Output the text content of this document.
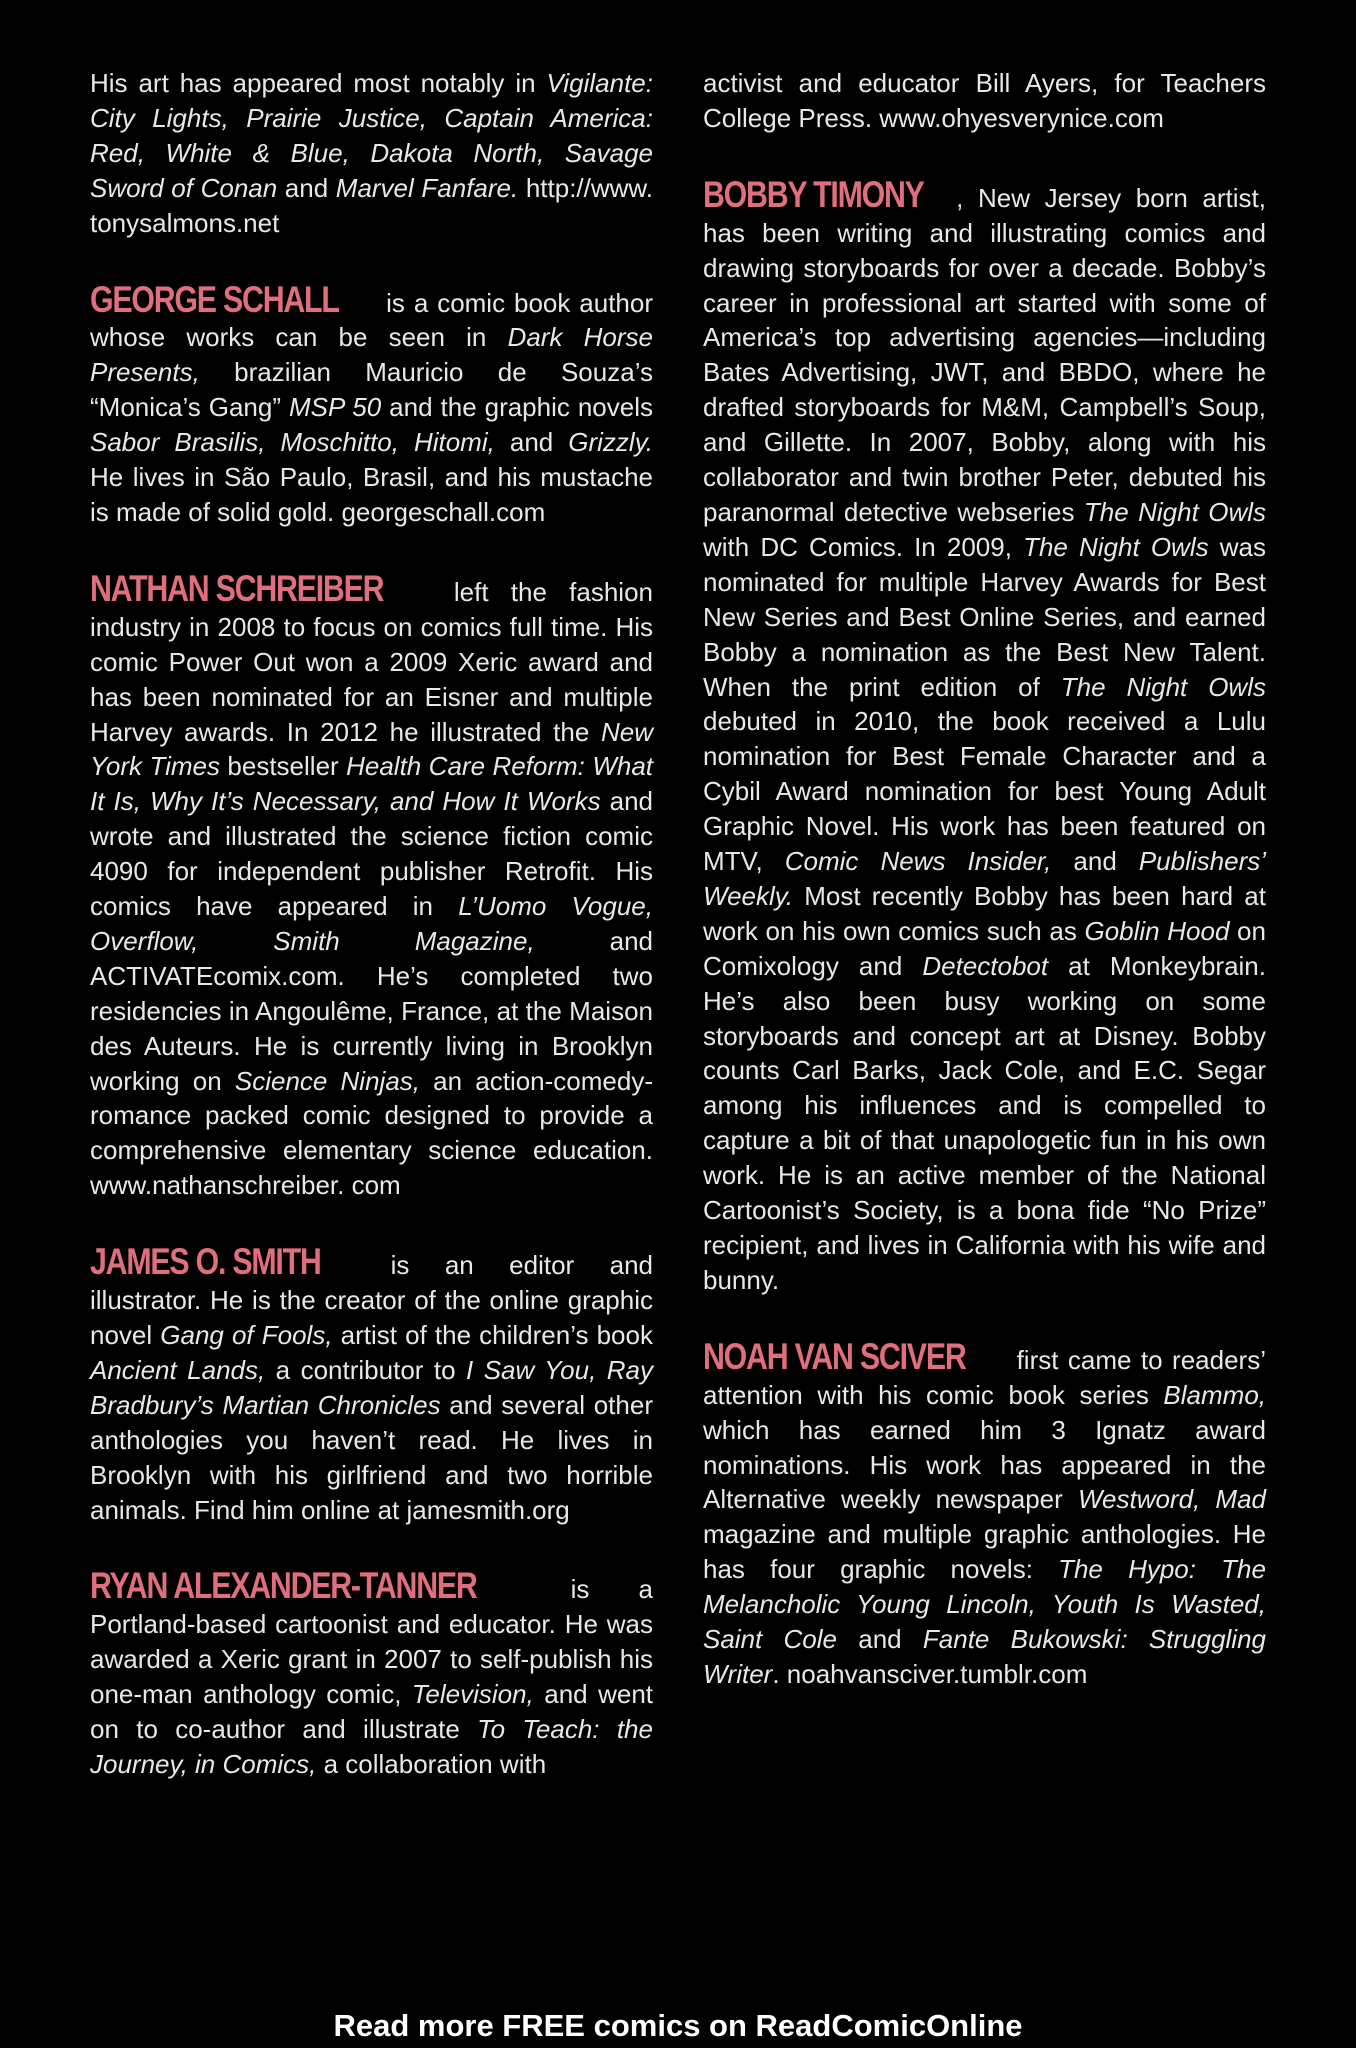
His art has appeared most notably in Vigilante: City Lights, Prairie Justice, Captain America: Red, White & Blue, Dakota North, Savage Sword of Conan and Marvel Fanfare. http://www. tonysalmons.net

GEORGE SCHALL is a comic book author whose works can be seen in Dark Horse Presents, brazilian Mauricio de Souza’s “Monica’s Gang” MSP 50 and the graphic novels Sabor Brasilis, Moschitto, Hitomi, and Grizzly. He lives in São Paulo, Brasil, and his mustache is made of solid gold. georgeschall.com

NATHAN SCHREIBER left the fashion industry in 2008 to focus on comics full time. His comic Power Out won a 2009 Xeric award and has been nominated for an Eisner and multiple Harvey awards. In 2012 he illustrated the New York Times bestseller Health Care Reform: What It Is, Why It’s Necessary, and How It Works and wrote and illustrated the science fiction comic 4090 for independent publisher Retrofit. His comics have appeared in L’Uomo Vogue, Overflow, Smith Magazine, and ACTIVATEcomix.com. He’s completed two residencies in Angoulême, France, at the Maison des Auteurs. He is currently living in Brooklyn working on Science Ninjas, an action-comedy-romance packed comic designed to provide a comprehensive elementary science education. www.nathanschreiber. com

JAMES O. SMITH is an editor and illustrator. He is the creator of the online graphic novel Gang of Fools, artist of the children’s book Ancient Lands, a contributor to I Saw You, Ray Bradbury’s Martian Chronicles and several other anthologies you haven’t read. He lives in Brooklyn with his girlfriend and two horrible animals. Find him online at jamesmith.org

RYAN ALEXANDER-TANNER is a Portland-based cartoonist and educator. He was awarded a Xeric grant in 2007 to self-publish his one-man anthology comic, Television, and went on to co-author and illustrate To Teach: the Journey, in Comics, a collaboration with

activist and educator Bill Ayers, for Teachers College Press. www.ohyesverynice.com

BOBBY TIMONY , New Jersey born artist, has been writing and illustrating comics and drawing storyboards for over a decade. Bobby’s career in professional art started with some of America’s top advertising agencies—including Bates Advertising, JWT, and BBDO, where he drafted storyboards for M&M, Campbell’s Soup, and Gillette. In 2007, Bobby, along with his collaborator and twin brother Peter, debuted his paranormal detective webseries The Night Owls with DC Comics. In 2009, The Night Owls was nominated for multiple Harvey Awards for Best New Series and Best Online Series, and earned Bobby a nomination as the Best New Talent. When the print edition of The Night Owls debuted in 2010, the book received a Lulu nomination for Best Female Character and a Cybil Award nomination for best Young Adult Graphic Novel. His work has been featured on MTV, Comic News Insider, and Publishers’ Weekly. Most recently Bobby has been hard at work on his own comics such as Goblin Hood on Comixology and Detectobot at Monkeybrain. He’s also been busy working on some storyboards and concept art at Disney. Bobby counts Carl Barks, Jack Cole, and E.C. Segar among his influences and is compelled to capture a bit of that unapologetic fun in his own work. He is an active member of the National Cartoonist’s Society, is a bona fide “No Prize” recipient, and lives in California with his wife and bunny.

NOAH VAN SCIVER first came to readers’ attention with his comic book series Blammo, which has earned him 3 Ignatz award nominations. His work has appeared in the Alternative weekly newspaper Westword, Mad magazine and multiple graphic anthologies. He has four graphic novels: The Hypo: The Melancholic Young Lincoln, Youth Is Wasted, Saint Cole and Fante Bukowski: Struggling Writer. noahvansciver.tumblr.com

Read more FREE comics on ReadComicOnline
